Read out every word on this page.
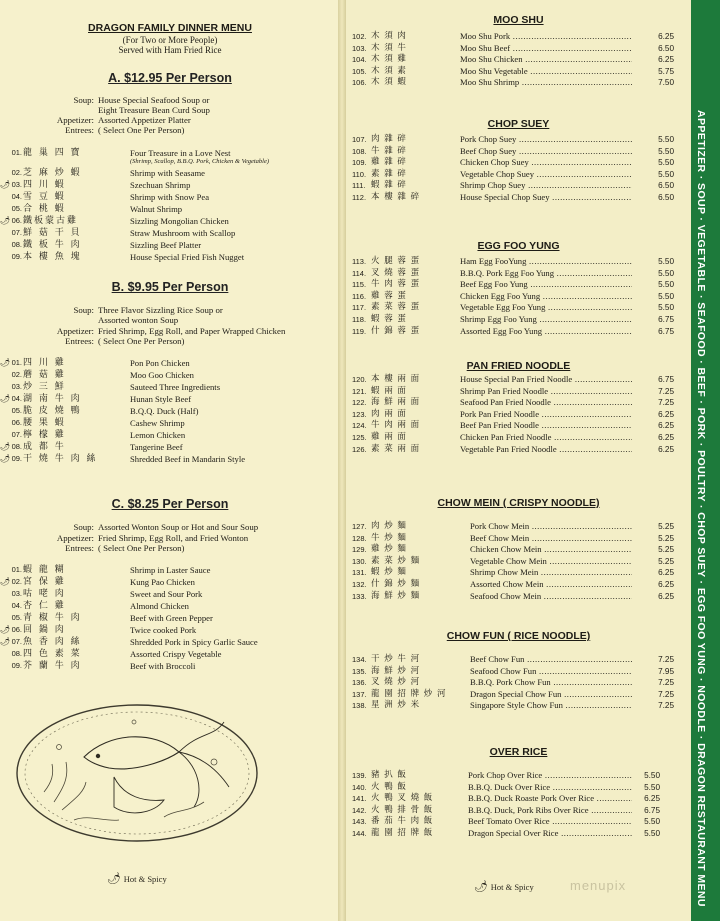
APPETIZER · SOUP · VEGETABLE · SEAFOOD · BEEF · PORK · POULTRY · CHOP SUEY · EGG FOO YUNG · NOODLE · DRAGON RESTAURANT MENU
DRAGON FAMILY DINNER MENU
(For Two or More People)
Served with Ham Fried Rice
A. $12.95 Per Person
Soup: House Special Seafood Soup or
Eight Treasure Bean Curd Soup
Appetizer: Assorted Appetizer Platter
Entrees: ( Select One Per Person)
01. 龍 巢 四 寶	Four Treasure in a Love Nest
(Shrimp, Scallop, B.B.Q. Pork, Chicken & Vegetable)
02. 芝 麻 炒 蝦	Shrimp with Seasame
🌶 03. 四 川 蝦	Szechuan Shrimp
04. 雪 豆 蝦	Shrimp with Snow Pea
05. 合 桃 蝦	Walnut Shrimp
🌶 06. 鐵板蒙古雞	Sizzling Mongolian Chicken
07. 鮮 菇 干 貝	Straw Mushroom with Scallop
08. 鐵 板 牛 肉	Sizzling Beef Platter
09. 本 樓 魚 塊	House Special Fried Fish Nugget
B. $9.95 Per Person
Soup: Three Flavor Sizzling Rice Soup or
Assorted wonton Soup
Appetizer: Fried Shrimp, Egg Roll, and Paper Wrapped Chicken
Entrees: ( Select One Per Person)
🌶 01. 四 川 雞	Pon Pon Chicken
02. 蘑 菇 雞	Moo Goo Chicken
03. 炒 三 鮮	Sauteed Three Ingredients
🌶 04. 湖 南 牛 肉	Hunan Style Beef
05. 脆 皮 燒 鴨	B.Q.Q. Duck (Half)
06. 腰 果 蝦	Cashew Shrimp
07. 檸 檬 雞	Lemon Chicken
🌶 08. 成 都 牛	Tangerine Beef
🌶 09. 干 燒 牛 肉 絲	Shredded Beef in Mandarin Style
C. $8.25 Per Person
Soup: Assorted Wonton Soup or Hot and Sour Soup
Appetizer: Fried Shrimp, Egg Roll, and Fried Wonton
Entrees: ( Select One Per Person)
01. 蝦 龍 糊	Shrimp in Laster Sauce
🌶 02. 宮 保 雞	Kung Pao Chicken
03. 咕 咾 肉	Sweet and Sour Pork
04. 杏 仁 雞	Almond Chicken
05. 青 椒 牛 肉	Beef with Green Pepper
🌶 06. 回 鍋 肉	Twice cooked Pork
🌶 07. 魚 香 肉 絲	Shredded Pork in Spicy Garlic Sauce
08. 四 色 素 菜	Assorted Crispy Vegetable
09. 芥 蘭 牛 肉	Beef with Broccoli
🌶 Hot & Spicy
MOO SHU
102. 木 須 肉	Moo Shu Pork .....	6.25
103. 木 須 牛	Moo Shu Beef .....	6.50
104. 木 須 雞	Moo Shu Chicken .....	6.25
105. 木 須 素	Moo Shu Vegetable .....	5.75
106. 木 須 蝦	Moo Shu Shrimp .....	7.50
CHOP SUEY
107. 肉 雜 碎	Pork Chop Suey .....	5.50
108. 牛 雜 碎	Beef Chop Suey .....	5.50
109. 雞 雜 碎	Chicken Chop Suey .....	5.50
110. 素 雜 碎	Vegetable Chop Suey .....	5.50
111. 蝦 雜 碎	Shrimp Chop Suey .....	6.50
112. 本 樓 雜 碎	House Special Chop Suey .....	6.50
EGG FOO YUNG
113. 火 腿 蓉 蛋	Ham Egg FooYung .....	5.50
114. 叉 燒 蓉 蛋	B.B.Q. Pork Egg Foo Yung .....	5.50
115. 牛 肉 蓉 蛋	Beef Egg Foo Yung .....	5.50
116. 雞 蓉 蛋	Chicken Egg Foo Yung .....	5.50
117. 素 菜 蓉 蛋	Vegetable Egg Foo Yung .....	5.50
118. 蝦 蓉 蛋	Shrimp Egg Foo Yung .....	6.75
119. 什 錦 蓉 蛋	Assorted Egg Foo Yung .....	6.75
PAN FRIED NOODLE
120. 本 樓 兩 面	House Special Pan Fried Noodle .....	6.75
121. 蝦 兩 面	Shrimp Pan Fried Noodle .....	7.25
122. 海 鮮 兩 面	Seafood Pan Fried Noodle .....	7.25
123. 肉 兩 面	Pork Pan Fried Noodle .....	6.25
124. 牛 肉 兩 面	Beef Pan Fried Noodle .....	6.25
125. 雞 兩 面	Chicken Pan Fried Noodle .....	6.25
126. 素 菜 兩 面	Vegetable Pan Fried Noodle .....	6.25
CHOW MEIN ( CRISPY NOODLE)
127. 肉 炒 麵	Pork Chow Mein .....	5.25
128. 牛 炒 麵	Beef Chow Mein .....	5.25
129. 雞 炒 麵	Chicken Chow Mein .....	5.25
130. 素 菜 炒 麵	Vegetable Chow Mein .....	5.25
131. 蝦 炒 麵	Shrimp Chow Mein .....	6.25
132. 什 錦 炒 麵	Assorted Chow Mein .....	6.25
133. 海 鮮 炒 麵	Seafood Chow Mein .....	6.25
CHOW FUN ( RICE NOODLE)
134. 干 炒 牛 河	Beef Chow Fun .....	7.25
135. 海 鮮 炒 河	Seafood Chow Fun .....	7.95
136. 叉 燒 炒 河	B.B.Q. Pork Chow Fun .....	7.25
137. 龍 園 招 牌 炒 河	Dragon Special Chow Fun .....	7.25
138. 星 洲 炒 米	Singapore Style Chow Fun .....	7.25
OVER RICE
139. 豬 扒 飯	Pork Chop Over Rice .....	5.50
140. 火 鴨 飯	B.B.Q. Duck Over Rice .....	5.50
141. 火 鴨 叉 燒 飯	B.B.Q. Duck Roaste Pork Over Rice .....	6.25
142. 火 鴨 排 骨 飯	B.B.Q. Duck, Pork Ribs Over Rice .....	6.75
143. 番 茄 牛 肉 飯	Beef Tomato Over Rice .....	5.50
144. 龍 園 招 牌 飯	Dragon Special Over Rice .....	5.50
🌶 Hot & Spicy	menupix
